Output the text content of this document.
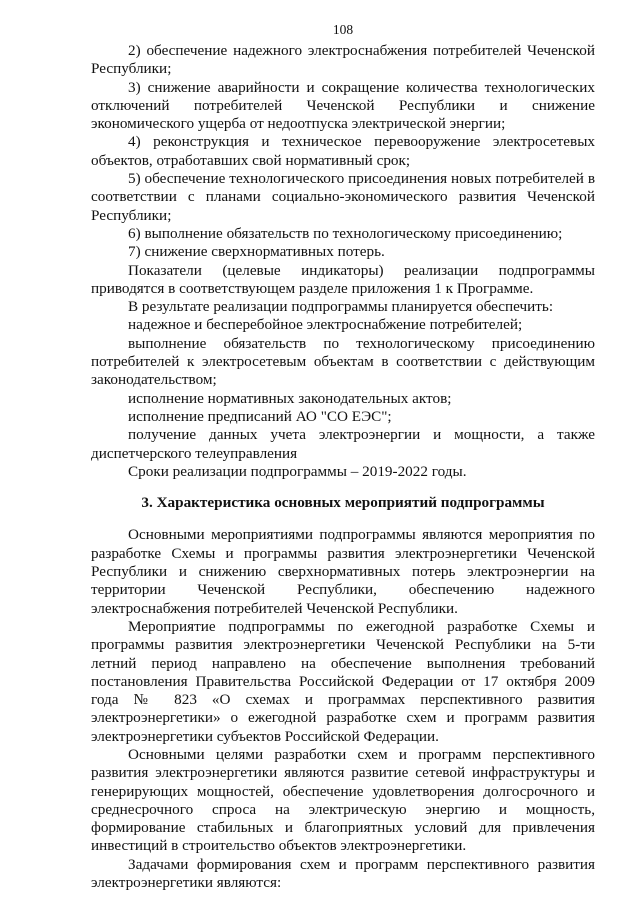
108

2) обеспечение надежного электроснабжения потребителей Чеченской Республики;

3) снижение аварийности и сокращение количества технологических отключений потребителей Чеченской Республики и снижение экономического ущерба от недоотпуска электрической энергии;

4) реконструкция и техническое перевооружение электросетевых объектов, отработавших свой нормативный срок;

5) обеспечение технологического присоединения новых потребителей в соответствии с планами социально-экономического развития Чеченской Республики;

6) выполнение обязательств по технологическому присоединению;

7) снижение сверхнормативных потерь.

Показатели (целевые индикаторы) реализации подпрограммы приводятся в соответствующем разделе приложения 1 к Программе.

В результате реализации подпрограммы планируется обеспечить:

надежное и бесперебойное электроснабжение потребителей;

выполнение обязательств по технологическому присоединению потребителей к электросетевым объектам в соответствии с действующим законодательством;

исполнение нормативных законодательных актов;

исполнение предписаний АО "СО ЕЭС";

получение данных учета электроэнергии и мощности, а также диспетчерского телеуправления

Сроки реализации подпрограммы – 2019-2022 годы.

3. Характеристика основных мероприятий подпрограммы

Основными мероприятиями подпрограммы являются мероприятия по разработке Схемы и программы развития электроэнергетики Чеченской Республики и снижению сверхнормативных потерь электроэнергии на территории Чеченской Республики, обеспечению надежного электроснабжения потребителей Чеченской Республики.

Мероприятие подпрограммы по ежегодной разработке Схемы и программы развития электроэнергетики Чеченской Республики на 5-ти летний период направлено на обеспечение выполнения требований постановления Правительства Российской Федерации от 17 октября 2009 года № 823 «О схемах и программах перспективного развития электроэнергетики» о ежегодной разработке схем и программ развития электроэнергетики субъектов Российской Федерации.

Основными целями разработки схем и программ перспективного развития электроэнергетики являются развитие сетевой инфраструктуры и генерирующих мощностей, обеспечение удовлетворения долгосрочного и среднесрочного спроса на электрическую энергию и мощность, формирование стабильных и благоприятных условий для привлечения инвестиций в строительство объектов электроэнергетики.

Задачами формирования схем и программ перспективного развития электроэнергетики являются:
